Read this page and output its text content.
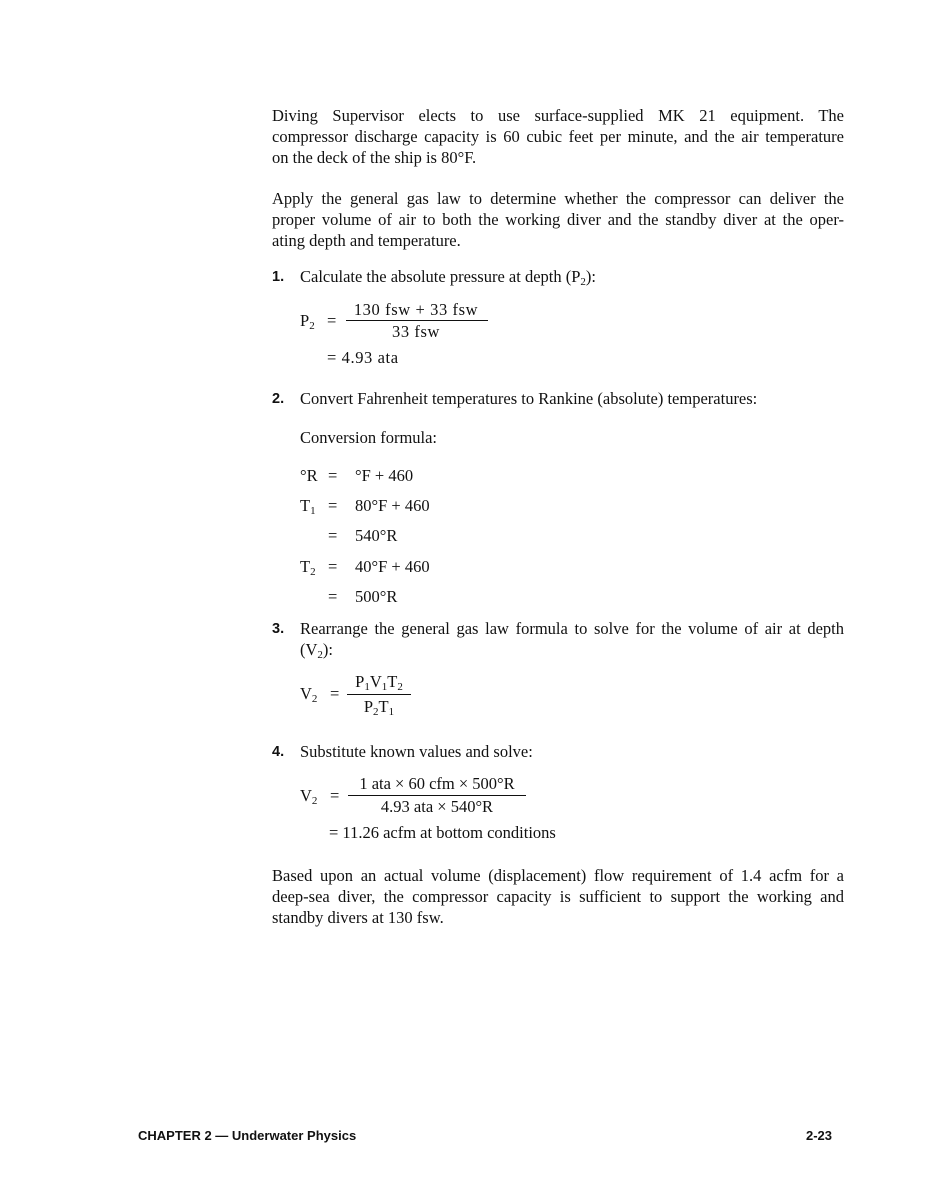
Diving Supervisor elects to use surface-supplied MK 21 equipment. The
compressor discharge capacity is 60 cubic feet per minute, and the air temperature
on the deck of the ship is 80°F.
Apply the general gas law to determine whether the compressor can deliver the
proper volume of air to both the working diver and the standby diver at the oper-
ating depth and temperature.
1. Calculate the absolute pressure at depth $(P_2)$:
$P_2$ =
130 fsw + 33 fsw
33 fsw
= 4.93 ata
2. Convert Fahrenheit temperatures to Rankine (absolute) temperatures:
Conversion formula:
°R = °F + 460
$T_1 = 80^\circ F + 460$
= 540°R
$T_2 = 40^\circ F + 460$
= 500°R
3. Rearrange the general gas law formula to solve for the volume of air at depth
$(V_2)$:
$V_2$ =
$P_1V_1T_2$
$P_2T_1$
4. Substitute known values and solve:
$V_2$ =
1 ata × 60 cfm × 500°R
4.93 ata × 540°R
= 11.26 acfm at bottom conditions
Based upon an actual volume (displacement) flow requirement of 1.4 acfm for a
deep-sea diver, the compressor capacity is sufficient to support the working and
standby divers at 130 fsw.
CHAPTER 2 — Underwater Physics	2-23
